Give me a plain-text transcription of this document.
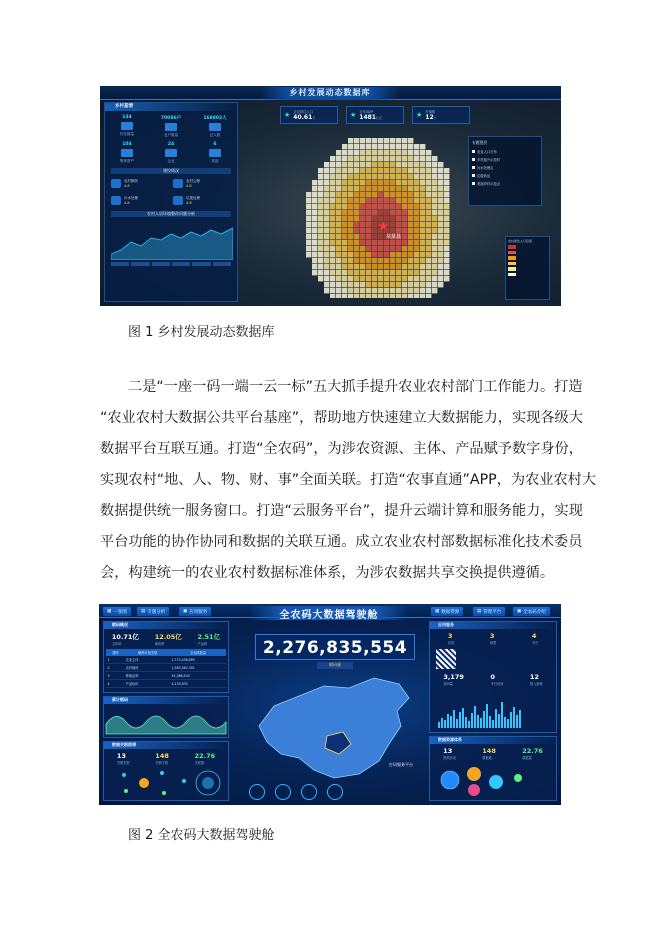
乡村发展动态数据库
乡村基情
134
村庄数量
70086户
农户数量
169802人
总人数
104
集体资产
24
企业
6
其他
建设情况
农村厕所
4.8
农村公厕
4.8
污水处理
4.8
垃圾处理
4.8
农村人居环境整改问题分析
★ 全县常住人口
40.61万	★ 全年GDP
1481亿元	★ 乡镇数
12个
★
某某县
专题图层
农业人口分布
乡村振兴示范村
污水处理点
垃圾转运
美丽乡村示范点
农村常住人口密度
图 1 乡村发展动态数据库

二是“一座一码一端一云一标”五大抓手提升农业农村部门工作能力。打造

“农业农村大数据公共平台基座”，帮助地方快速建立大数据能力，实现各级大

数据平台互联互通。打造“全农码”，为涉农资源、主体、产品赋予数字身份，

实现农村“地、人、物、财、事”全面关联。打造“农事直通”APP，为农业农村大

数据提供统一服务窗口。打造“云服务平台”，提升云端计算和服务能力，实现

平台功能的协作协同和数据的关联互通。成立农业农村部数据标准化技术委员

会，构建统一的农业农村数据标准体系，为涉农数据共享交换提供遵循。

▦ 一张图	▤ 专题分析	▣ 应用服务	全农码大数据驾驶舱	▦ 数据资源	▤ 管理平台	▣ 全农码介绍
赋码概况
10.71亿
主体码
12.05亿
地块码
2.51亿
产品码
排序	赋码对象类型	全农码数量
1	农业主体	1,713,456,895
2	农村地块	1,563,562,301
3	种植品种	45,366,543
4	产品标识	4,135,635
累计赋码
数据关联图谱
13
关联类型
148
关联字段
22.76
关联数
2,276,835,554
赋码量
打码服务平台
应用服务
3
应用
3
场景
4
平台
3,179
访问量
0
今日访问
12
接入系统
数据资源体系
13
资源目录
148
数据表
22.76
数据量
图 2 全农码大数据驾驶舱
